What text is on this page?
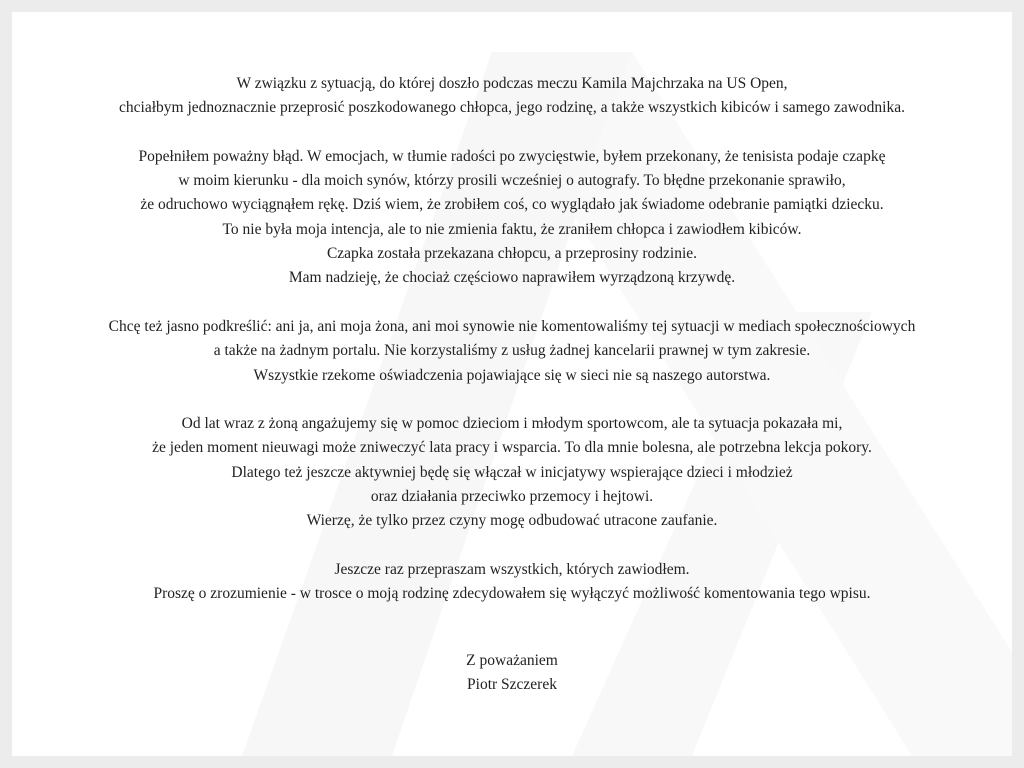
W związku z sytuacją, do której doszło podczas meczu Kamila Majchrzaka na US Open,
chciałbym jednoznacznie przeprosić poszkodowanego chłopca, jego rodzinę, a także wszystkich kibiców i samego zawodnika.
Popełniłem poważny błąd. W emocjach, w tłumie radości po zwycięstwie, byłem przekonany, że tenisista podaje czapkę
w moim kierunku - dla moich synów, którzy prosili wcześniej o autografy. To błędne przekonanie sprawiło,
że odruchowo wyciągnąłem rękę. Dziś wiem, że zrobiłem coś, co wyglądało jak świadome odebranie pamiątki dziecku.
To nie była moja intencja, ale to nie zmienia faktu, że zraniłem chłopca i zawiodłem kibiców.
Czapka została przekazana chłopcu, a przeprosiny rodzinie.
Mam nadzieję, że chociaż częściowo naprawiłem wyrządzoną krzywdę.
Chcę też jasno podkreślić: ani ja, ani moja żona, ani moi synowie nie komentowaliśmy tej sytuacji w mediach społecznościowych
a także na żadnym portalu. Nie korzystaliśmy z usług żadnej kancelarii prawnej w tym zakresie.
Wszystkie rzekome oświadczenia pojawiające się w sieci nie są naszego autorstwa.
Od lat wraz z żoną angażujemy się w pomoc dzieciom i młodym sportowcom, ale ta sytuacja pokazała mi,
że jeden moment nieuwagi może zniweczyć lata pracy i wsparcia. To dla mnie bolesna, ale potrzebna lekcja pokory.
Dlatego też jeszcze aktywniej będę się włączał w inicjatywy wspierające dzieci i młodzież
oraz działania przeciwko przemocy i hejtowi.
Wierzę, że tylko przez czyny mogę odbudować utracone zaufanie.
Jeszcze raz przepraszam wszystkich, których zawiodłem.
Proszę o zrozumienie - w trosce o moją rodzinę zdecydowałem się wyłączyć możliwość komentowania tego wpisu.
Z poważaniem
Piotr Szczerek
